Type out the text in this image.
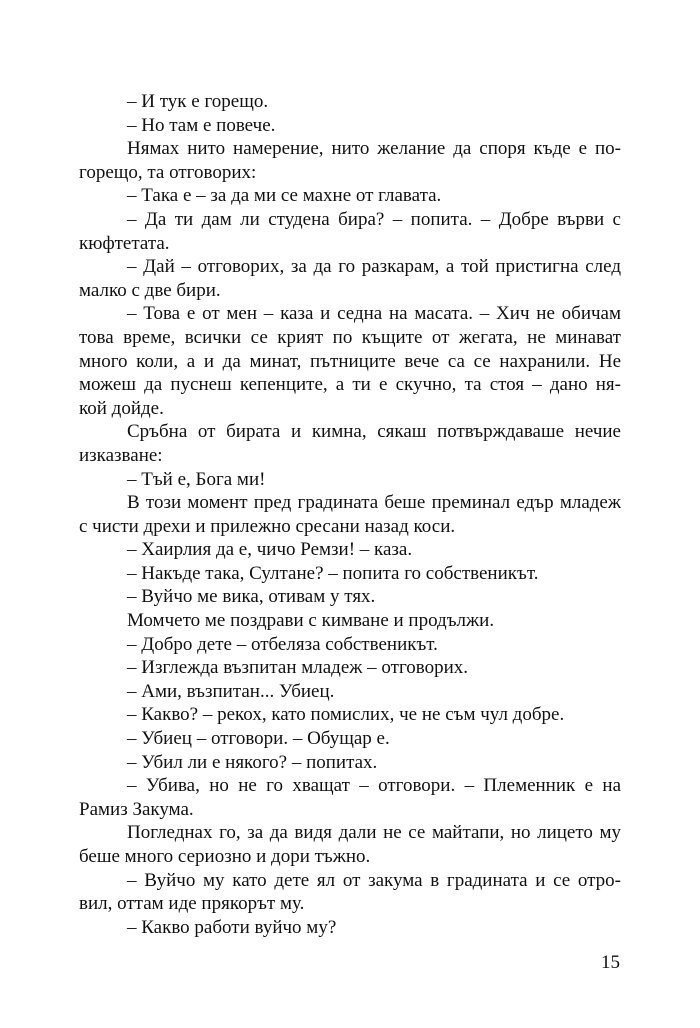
– И тук е горещо.
– Но там е повече.
Нямах нито намерение, нито желание да споря къде е по-
горещо, та отговорих:
– Така е – за да ми се махне от главата.
– Да ти дам ли студена бира? – попита. – Добре върви с
кюфтетата.
– Дай – отговорих, за да го разкарам, а той пристигна след
малко с две бири.
– Това е от мен – каза и седна на масата. – Хич не обичам
това време, всички се крият по къщите от жегата, не минават
много коли, а и да минат, пътниците вече са се нахранили. Не
можеш да пуснеш кепенците, а ти е скучно, та стоя – дано ня-
кой дойде.
Сръбна от бирата и кимна, сякаш потвърждаваше нечие
изказване:
– Тъй е, Бога ми!
В този момент пред градината беше преминал едър младеж
с чисти дрехи и прилежно сресани назад коси.
– Хаирлия да е, чичо Ремзи! – каза.
– Накъде така, Султане? – попита го собственикът.
– Вуйчо ме вика, отивам у тях.
Момчето ме поздрави с кимване и продължи.
– Добро дете – отбеляза собственикът.
– Изглежда възпитан младеж – отговорих.
– Ами, възпитан... Убиец.
– Какво? – рекох, като помислих, че не съм чул добре.
– Убиец – отговори. – Обущар е.
– Убил ли е някого? – попитах.
– Убива, но не го хващат – отговори. – Племенник е на
Рамиз Закума.
Погледнах го, за да видя дали не се майтапи, но лицето му
беше много сериозно и дори тъжно.
– Вуйчо му като дете ял от закума в градината и се отро-
вил, оттам иде прякорът му.
– Какво работи вуйчо му?
15
